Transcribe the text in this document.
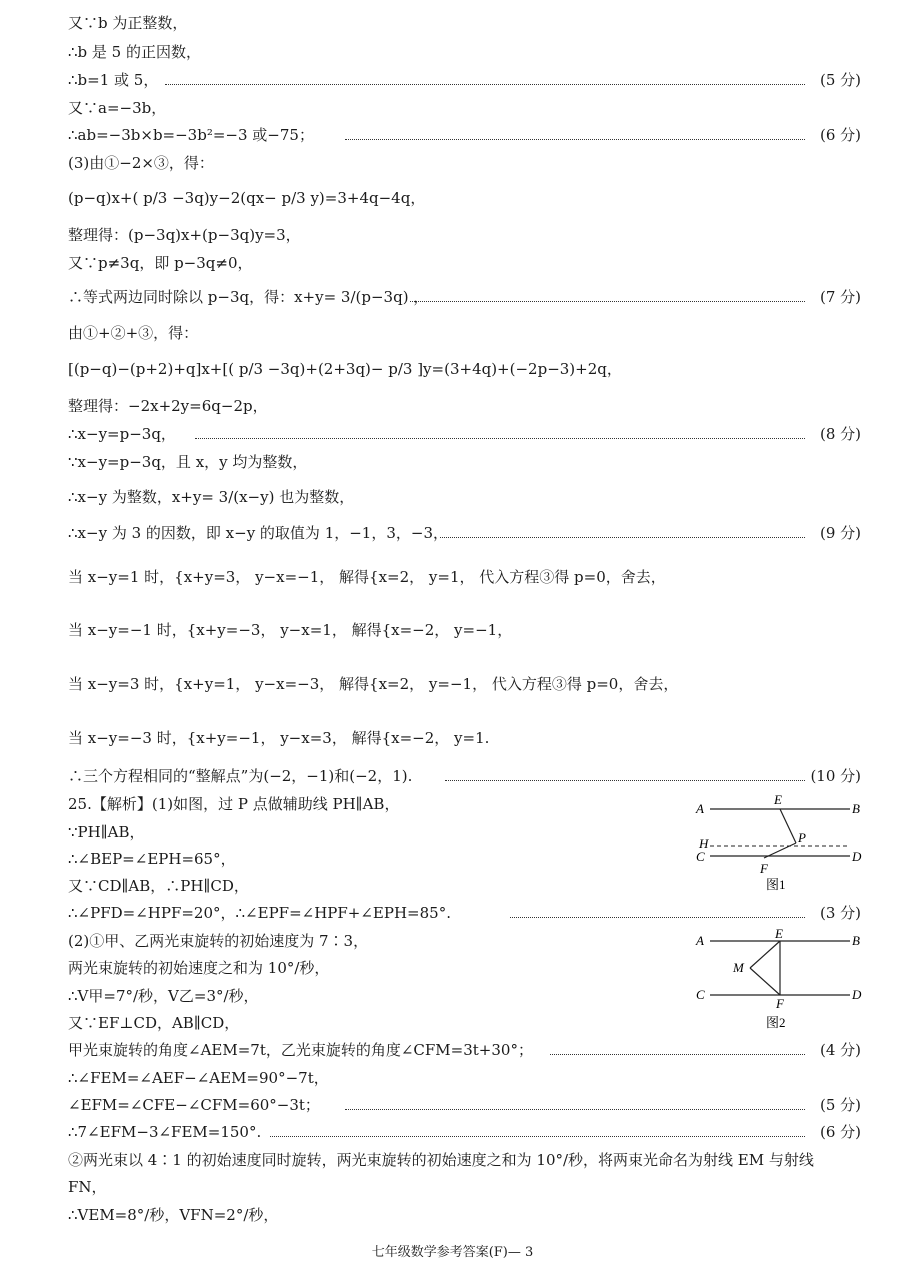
又∵b 为正整数，
∴b 是 5 的正因数，
∴b=1 或 5，
又∵a=−3b，
∴ab=−3b×b=−3b²=−3 或−75；
(3)由①−2×③，得：
(p−q)x+( p/3 −3q)y−2(qx− p/3 y)=3+4q−4q，
整理得：(p−3q)x+(p−3q)y=3，
又∵p≠3q，即 p−3q≠0，
∴等式两边同时除以 p−3q，得：x+y= 3/(p−3q) ，
由①+②+③，得：
[(p−q)−(p+2)+q]x+[( p/3 −3q)+(2+3q)− p/3 ]y=(3+4q)+(−2p−3)+2q，
整理得：−2x+2y=6q−2p，
∴x−y=p−3q，
∵x−y=p−3q，且 x，y 均为整数，
∴x−y 为整数，x+y= 3/(x−y) 也为整数，
∴x−y 为 3 的因数，即 x−y 的取值为 1，−1，3，−3，
当 x−y=1 时，{x+y=3， y−x=−1， 解得{x=2， y=1， 代入方程③得 p=0，舍去，
当 x−y=−1 时，{x+y=−3， y−x=1， 解得{x=−2， y=−1，
当 x−y=3 时，{x+y=1， y−x=−3， 解得{x=2， y=−1， 代入方程③得 p=0，舍去，
当 x−y=−3 时，{x+y=−1， y−x=3， 解得{x=−2， y=1.
∴三个方程相同的“整解点”为(−2，−1)和(−2，1).
25.【解析】(1)如图，过 P 点做辅助线 PH∥AB，
∵PH∥AB，
∴∠BEP=∠EPH=65°，
又∵CD∥AB，∴PH∥CD，
∴∠PFD=∠HPF=20°，∴∠EPF=∠HPF+∠EPH=85°.
(2)①甲、乙两光束旋转的初始速度为 7∶3，
两光束旋转的初始速度之和为 10°/秒，
∴V甲=7°/秒，V乙=3°/秒，
又∵EF⊥CD，AB∥CD，
甲光束旋转的角度∠AEM=7t，乙光束旋转的角度∠CFM=3t+30°；
∴∠FEM=∠AEF−∠AEM=90°−7t，
∠EFM=∠CFE−∠CFM=60°−3t；
∴7∠EFM−3∠FEM=150°.
②两光束以 4∶1 的初始速度同时旋转，两光束旋转的初始速度之和为 10°/秒，将两束光命名为射线 EM 与射线
FN，
∴VEM=8°/秒，VFN=2°/秒，
(5 分)
(6 分)
(7 分)
(8 分)
(9 分)
(10 分)
(3 分)
(4 分)
(5 分)
(6 分)
A	B
E
H	P
C	D
F
图1
A	B
E
M
C	D
F
图2
七年级数学参考答案(F)— 3
